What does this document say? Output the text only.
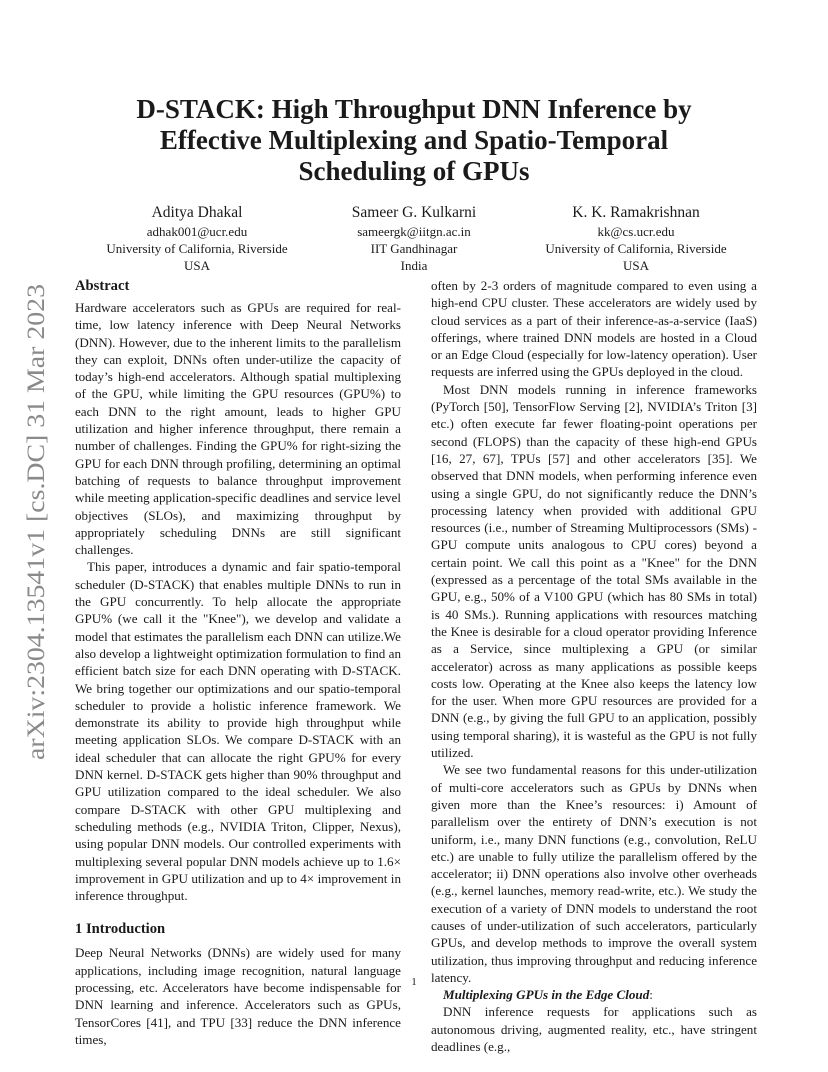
arXiv:2304.13541v1 [cs.DC] 31 Mar 2023
D-STACK: High Throughput DNN Inference by Effective Multiplexing and Spatio-Temporal Scheduling of GPUs
Aditya Dhakal
adhak001@ucr.edu
University of California, Riverside
USA
Sameer G. Kulkarni
sameergk@iitgn.ac.in
IIT Gandhinagar
India
K. K. Ramakrishnan
kk@cs.ucr.edu
University of California, Riverside
USA
Abstract

Hardware accelerators such as GPUs are required for real-time, low latency inference with Deep Neural Networks (DNN). However, due to the inherent limits to the parallelism they can exploit, DNNs often under-utilize the capacity of today’s high-end accelerators. Although spatial multiplexing of the GPU, while limiting the GPU resources (GPU%) to each DNN to the right amount, leads to higher GPU utilization and higher inference throughput, there remain a number of challenges. Finding the GPU% for right-sizing the GPU for each DNN through profiling, determining an optimal batching of requests to balance throughput improvement while meeting application-specific deadlines and service level objectives (SLOs), and maximizing throughput by appropriately scheduling DNNs are still significant challenges.

This paper, introduces a dynamic and fair spatio-temporal scheduler (D-STACK) that enables multiple DNNs to run in the GPU concurrently. To help allocate the appropriate GPU% (we call it the "Knee"), we develop and validate a model that estimates the parallelism each DNN can utilize.We also develop a lightweight optimization formulation to find an efficient batch size for each DNN operating with D-STACK. We bring together our optimizations and our spatio-temporal scheduler to provide a holistic inference framework. We demonstrate its ability to provide high throughput while meeting application SLOs. We compare D-STACK with an ideal scheduler that can allocate the right GPU% for every DNN kernel. D-STACK gets higher than 90% throughput and GPU utilization compared to the ideal scheduler. We also compare D-STACK with other GPU multiplexing and scheduling methods (e.g., NVIDIA Triton, Clipper, Nexus), using popular DNN models. Our controlled experiments with multiplexing several popular DNN models achieve up to 1.6× improvement in GPU utilization and up to 4× improvement in inference throughput.

1 Introduction

Deep Neural Networks (DNNs) are widely used for many applications, including image recognition, natural language processing, etc. Accelerators have become indispensable for DNN learning and inference. Accelerators such as GPUs, TensorCores [41], and TPU [33] reduce the DNN inference times,

often by 2-3 orders of magnitude compared to even using a high-end CPU cluster. These accelerators are widely used by cloud services as a part of their inference-as-a-service (IaaS) offerings, where trained DNN models are hosted in a Cloud or an Edge Cloud (especially for low-latency operation). User requests are inferred using the GPUs deployed in the cloud.

Most DNN models running in inference frameworks (PyTorch [50], TensorFlow Serving [2], NVIDIA’s Triton [3] etc.) often execute far fewer floating-point operations per second (FLOPS) than the capacity of these high-end GPUs [16, 27, 67], TPUs [57] and other accelerators [35]. We observed that DNN models, when performing inference even using a single GPU, do not significantly reduce the DNN’s processing latency when provided with additional GPU resources (i.e., number of Streaming Multiprocessors (SMs) - GPU compute units analogous to CPU cores) beyond a certain point. We call this point as a "Knee" for the DNN (expressed as a percentage of the total SMs available in the GPU, e.g., 50% of a V100 GPU (which has 80 SMs in total) is 40 SMs.). Running applications with resources matching the Knee is desirable for a cloud operator providing Inference as a Service, since multiplexing a GPU (or similar accelerator) across as many applications as possible keeps costs low. Operating at the Knee also keeps the latency low for the user. When more GPU resources are provided for a DNN (e.g., by giving the full GPU to an application, possibly using temporal sharing), it is wasteful as the GPU is not fully utilized.

We see two fundamental reasons for this under-utilization of multi-core accelerators such as GPUs by DNNs when given more than the Knee’s resources: i) Amount of parallelism over the entirety of DNN’s execution is not uniform, i.e., many DNN functions (e.g., convolution, ReLU etc.) are unable to fully utilize the parallelism offered by the accelerator; ii) DNN operations also involve other overheads (e.g., kernel launches, memory read-write, etc.). We study the execution of a variety of DNN models to understand the root causes of under-utilization of such accelerators, particularly GPUs, and develop methods to improve the overall system utilization, thus improving throughput and reducing inference latency.

Multiplexing GPUs in the Edge Cloud:

DNN inference requests for applications such as autonomous driving, augmented reality, etc., have stringent deadlines (e.g.,

1
